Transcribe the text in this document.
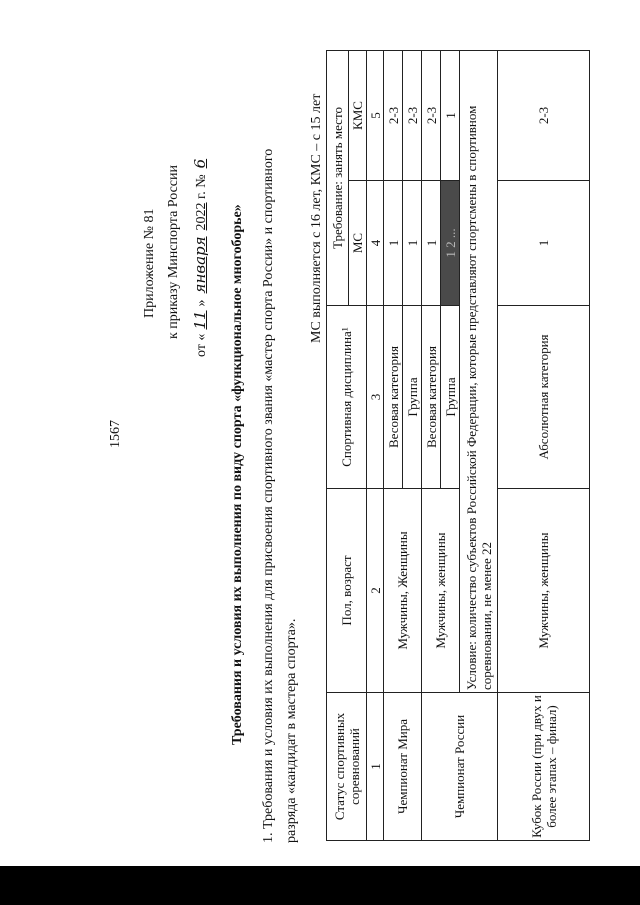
1567
Приложение № 81 к приказу Минспорта России
от «11»января2022 г. №6
Требования и условия их выполнения по виду спорта «функциональное многоборье» 1. Требования и условия их выполнения для присвоения спортивного звания «мастер спорта России» и спортивного разряда «кандидат в мастера спорта».
МС выполняется с 16 лет, КМС – с 15 лет
Статус спортивных соревнований	Пол, возраст	Спортивная дисциплина¹	Требование: занять место	
			МС	КМС
1	2	3	4	5
Чемпионат Мира	Мужчины, Женщины	Весовая категория	1	2-3
		Группа	1	2-3
Чемпионат России	Мужчины, женщины	Весовая категория	1	2-3
		Группа	1 2 ...	1
	Условие: количество субъектов Российской Федерации, которые представляют спортсмены в спортивном соревновании, не менее 22			
Кубок России (при двух и более этапах – финал)	Мужчины, женщины	Абсолютная категория	1	2-3
